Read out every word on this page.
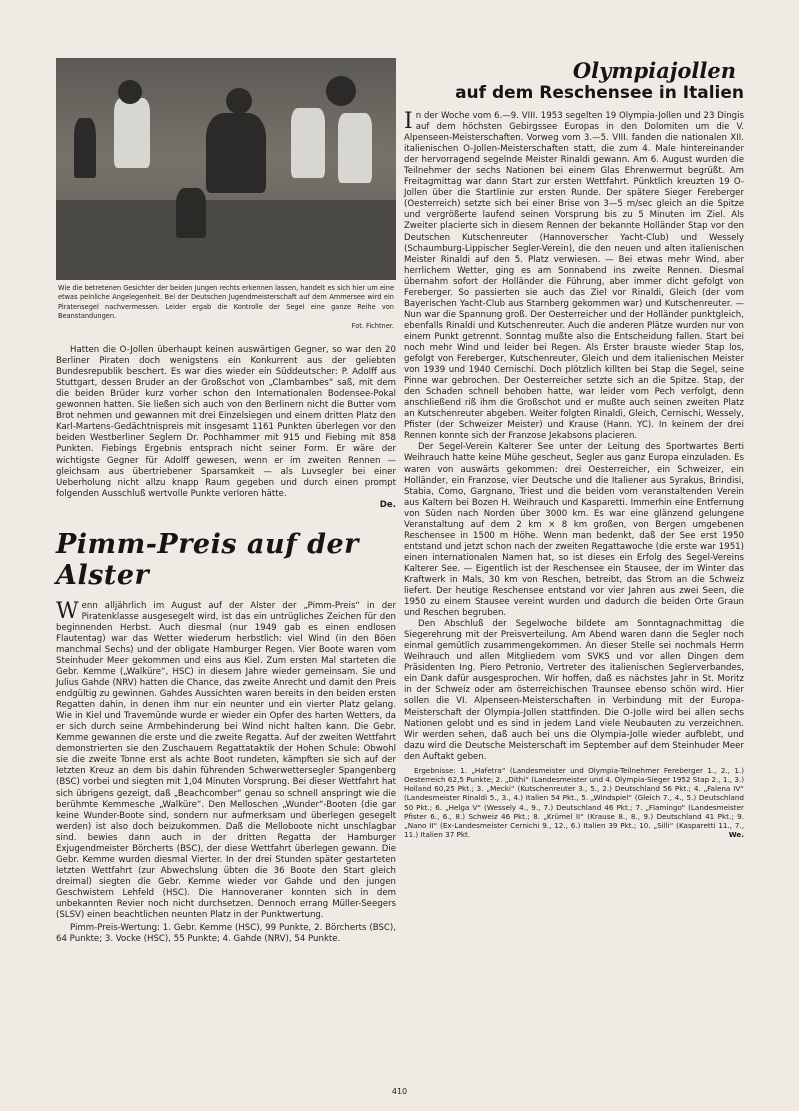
Wie die betretenen Gesichter der beiden Jungen rechts erkennen lassen, handelt es sich hier um eine etwas peinliche Angelegenheit. Bei der Deutschen Jugendmeisterschaft auf dem Ammersee wird ein Piratensegel nachvermessen. Leider ergab die Kontrolle der Segel eine ganze Reihe von Beanstandungen.
Fot. Fichtner.

Hatten die O-Jollen überhaupt keinen auswärtigen Gegner, so war den 20 Berliner Piraten doch wenigstens ein Konkurrent aus der geliebten Bundesrepublik beschert. Es war dies wieder ein Süddeutscher: P. Adolff aus Stuttgart, dessen Bruder an der Großschot von „Clambambes“ saß, mit dem die beiden Brüder kurz vorher schon den Internationalen Bodensee-Pokal gewonnen hatten. Sie ließen sich auch von den Berlinern nicht die Butter vom Brot nehmen und gewannen mit drei Einzelsiegen und einem dritten Platz den Karl-Martens-Gedächtnispreis mit insgesamt 1161 Punkten überlegen vor den beiden Westberliner Seglern Dr. Pochhammer mit 915 und Fiebing mit 858 Punkten. Fiebings Ergebnis entsprach nicht seiner Form. Er wäre der wichtigste Gegner für Adolff gewesen, wenn er im zweiten Rennen — gleichsam aus übertriebener Sparsamkeit — als Luvsegler bei einer Ueberholung nicht allzu knapp Raum gegeben und durch einen prompt folgenden Ausschluß wertvolle Punkte verloren hätte.

De.

Pimm-Preis auf der Alster

Wenn alljährlich im August auf der Alster der „Pimm-Preis“ in der Piratenklasse ausgesegelt wird, ist das ein untrügliches Zeichen für den beginnenden Herbst. Auch diesmal (nur 1949 gab es einen endlosen Flautentag) war das Wetter wiederum herbstlich: viel Wind (in den Böen manchmal Sechs) und der obligate Hamburger Regen. Vier Boote waren vom Steinhuder Meer gekommen und eins aus Kiel. Zum ersten Mal starteten die Gebr. Kemme („Walküre“, HSC) in diesem Jahre wieder gemeinsam. Sie und Julius Gahde (NRV) hatten die Chance, das zweite Anrecht und damit den Preis endgültig zu gewinnen. Gahdes Aussichten waren bereits in den beiden ersten Regatten dahin, in denen ihm nur ein neunter und ein vierter Platz gelang. Wie in Kiel und Travemünde wurde er wieder ein Opfer des harten Wetters, da er sich durch seine Armbehinderung bei Wind nicht halten kann. Die Gebr. Kemme gewannen die erste und die zweite Regatta. Auf der zweiten Wettfahrt demonstrierten sie den Zuschauern Regattataktik der Hohen Schule: Obwohl sie die zweite Tonne erst als achte Boot rundeten, kämpften sie sich auf der letzten Kreuz an dem bis dahin führenden Schwerwettersegler Spangenberg (BSC) vorbei und siegten mit 1,04 Minuten Vorsprung. Bei dieser Wettfahrt hat sich übrigens gezeigt, daß „Beachcomber“ genau so schnell anspringt wie die berühmte Kemmesche „Walküre“. Den Melloschen „Wunder“-Booten (die gar keine Wunder-Boote sind, sondern nur aufmerksam und überlegen gesegelt werden) ist also doch beizukommen. Daß die Melloboote nicht unschlagbar sind. bewies dann auch in der dritten Regatta der Hamburger Exjugendmeister Börcherts (BSC), der diese Wettfahrt überlegen gewann. Die Gebr. Kemme wurden diesmal Vierter. In der drei Stunden später gestarteten letzten Wettfahrt (zur Abwechslung übten die 36 Boote den Start gleich dreimal) siegten die Gebr. Kemme wieder vor Gahde und den jungen Geschwistern Lehfeld (HSC). Die Hannoveraner konnten sich in dem unbekannten Revier noch nicht durchsetzen. Dennoch errang Müller-Seegers (SLSV) einen beachtlichen neunten Platz in der Punktwertung.

Pimm-Preis-Wertung: 1. Gebr. Kemme (HSC), 99 Punkte, 2. Börcherts (BSC), 64 Punkte; 3. Vocke (HSC), 55 Punkte; 4. Gahde (NRV), 54 Punkte.

Olympiajollen
auf dem Reschensee in Italien

In der Woche vom 6.—9. VIII. 1953 segelten 19 Olympia-Jollen und 23 Dingis auf dem höchsten Gebirgssee Europas in den Dolomiten um die V. Alpenseen-Meisterschaften. Vorweg vom 3.—5. VIII. fanden die nationalen XII. italienischen O-Jollen-Meisterschaften statt, die zum 4. Male hintereinander der hervorragend segelnde Meister Rinaldi gewann. Am 6. August wurden die Teilnehmer der sechs Nationen bei einem Glas Ehrenwermut begrüßt. Am Freitagmittag war dann Start zur ersten Wettfahrt. Pünktlich kreuzten 19 O-Jollen über die Startlinie zur ersten Runde. Der spätere Sieger Fereberger (Oesterreich) setzte sich bei einer Brise von 3—5 m/sec gleich an die Spitze und vergrößerte laufend seinen Vorsprung bis zu 5 Minuten im Ziel. Als Zweiter placierte sich in diesem Rennen der bekannte Holländer Stap vor den Deutschen Kutschenreuter (Hannoverscher Yacht-Club) und Wessely (Schaumburg-Lippischer Segler-Verein), die den neuen und alten italienischen Meister Rinaldi auf den 5. Platz verwiesen. — Bei etwas mehr Wind, aber herrlichem Wetter, ging es am Sonnabend ins zweite Rennen. Diesmal übernahm sofort der Holländer die Führung, aber immer dicht gefolgt von Fereberger. So passierten sie auch das Ziel vor Rinaldi, Gleich (der vom Bayerischen Yacht-Club aus Starnberg gekommen war) und Kutschenreuter. — Nun war die Spannung groß. Der Oesterreicher und der Holländer punktgleich, ebenfalls Rinaldi und Kutschenreuter. Auch die anderen Plätze wurden nur von einem Punkt getrennt. Sonntag mußte also die Entscheidung fallen. Start bei noch mehr Wind und leider bei Regen. Als Erster brauste wieder Stap los, gefolgt von Fereberger, Kutschenreuter, Gleich und dem italienischen Meister von 1939 und 1940 Cernischi. Doch plötzlich killten bei Stap die Segel, seine Pinne war gebrochen. Der Oesterreicher setzte sich an die Spitze. Stap, der den Schaden schnell behoben hatte, war leider vom Pech verfolgt, denn anschließend riß ihm die Großschot und er mußte auch seinen zweiten Platz an Kutschenreuter abgeben. Weiter folgten Rinaldi, Gleich, Cernischi, Wessely, Pfister (der Schweizer Meister) und Krause (Hann. YC). In keinem der drei Rennen konnte sich der Franzose Jekabsons placieren.

Der Segel-Verein Kalterer See unter der Leitung des Sportwartes Berti Weihrauch hatte keine Mühe gescheut, Segler aus ganz Europa einzuladen. Es waren von auswärts gekommen: drei Oesterreicher, ein Schweizer, ein Holländer, ein Franzose, vier Deutsche und die Italiener aus Syrakus, Brindisi, Stabia, Como, Gargnano, Triest und die beiden vom veranstaltenden Verein aus Kaltern bei Bozen H. Weihrauch und Kasparetti. Immerhin eine Entfernung von Süden nach Norden über 3000 km. Es war eine glänzend gelungene Veranstaltung auf dem 2 km × 8 km großen, von Bergen umgebenen Reschensee in 1500 m Höhe. Wenn man bedenkt, daß der See erst 1950 entstand und jetzt schon nach der zweiten Regattawoche (die erste war 1951) einen internationalen Namen hat, so ist dieses ein Erfolg des Segel-Vereins Kalterer See. — Eigentlich ist der Reschensee ein Stausee, der im Winter das Kraftwerk in Mals, 30 km von Reschen, betreibt, das Strom an die Schweiz liefert. Der heutige Reschensee entstand vor vier Jahren aus zwei Seen, die 1950 zu einem Stausee vereint wurden und dadurch die beiden Orte Graun und Reschen begruben.

Den Abschluß der Segelwoche bildete am Sonntagnachmittag die Siegerehrung mit der Preisverteilung. Am Abend waren dann die Segler noch einmal gemütlich zusammengekommen. An dieser Stelle sei nochmals Herrn Weihrauch und allen Mitgliedern vom SVKS und vor allen Dingen dem Präsidenten Ing. Piero Petronio, Vertreter des italienischen Seglerverbandes, ein Dank dafür ausgesprochen. Wir hoffen, daß es nächstes Jahr in St. Moritz in der Schweiz oder am österreichischen Traunsee ebenso schön wird. Hier sollen die VI. Alpenseen-Meisterschaften in Verbindung mit der Europa-Meisterschaft der Olympia-Jollen stattfinden. Die O-Jolle wird bei allen sechs Nationen gelobt und es sind in jedem Land viele Neubauten zu verzeichnen. Wir werden sehen, daß auch bei uns die Olympia-Jolle wieder aufblebt, und dazu wird die Deutsche Meisterschaft im September auf dem Steinhuder Meer den Auftakt geben.

Ergebnisse: 1. „Hafetra“ (Landesmeister und Olympia-Teilnehmer Fereberger 1., 2., 1.) Oesterreich 62,5 Punkte; 2. „Dithi“ (Landesmeister und 4. Olympia-Sieger 1952 Stap 2., 1., 3.) Holland 60,25 Pkt.; 3. „Mecki“ (Kutschenreuter 3., 5., 2.) Deutschland 56 Pkt.; 4. „Falena IV“ (Landesmeister Rinaldi 5., 3., 4.) Italien 54 Pkt., 5. „Windspiel“ (Gleich 7., 4., 5.) Deutschland 50 Pkt.; 6. „Helga V“ (Wessely 4., 9., 7.) Deutschland 46 Pkt.; 7. „Flamingo“ (Landesmeister Pfister 6., 6., 8.) Schweiz 46 Pkt.; 8. „Krümel II“ (Krause 8., 8., 9.) Deutschland 41 Pkt.; 9. „Nano II“ (Ex-Landesmeister Cernichi 9., 12., 6.) Italien 39 Pkt.; 10. „Silli“ (Kasparetti 11., 7., 11.) Italien 37 Pkt.	We.

410
